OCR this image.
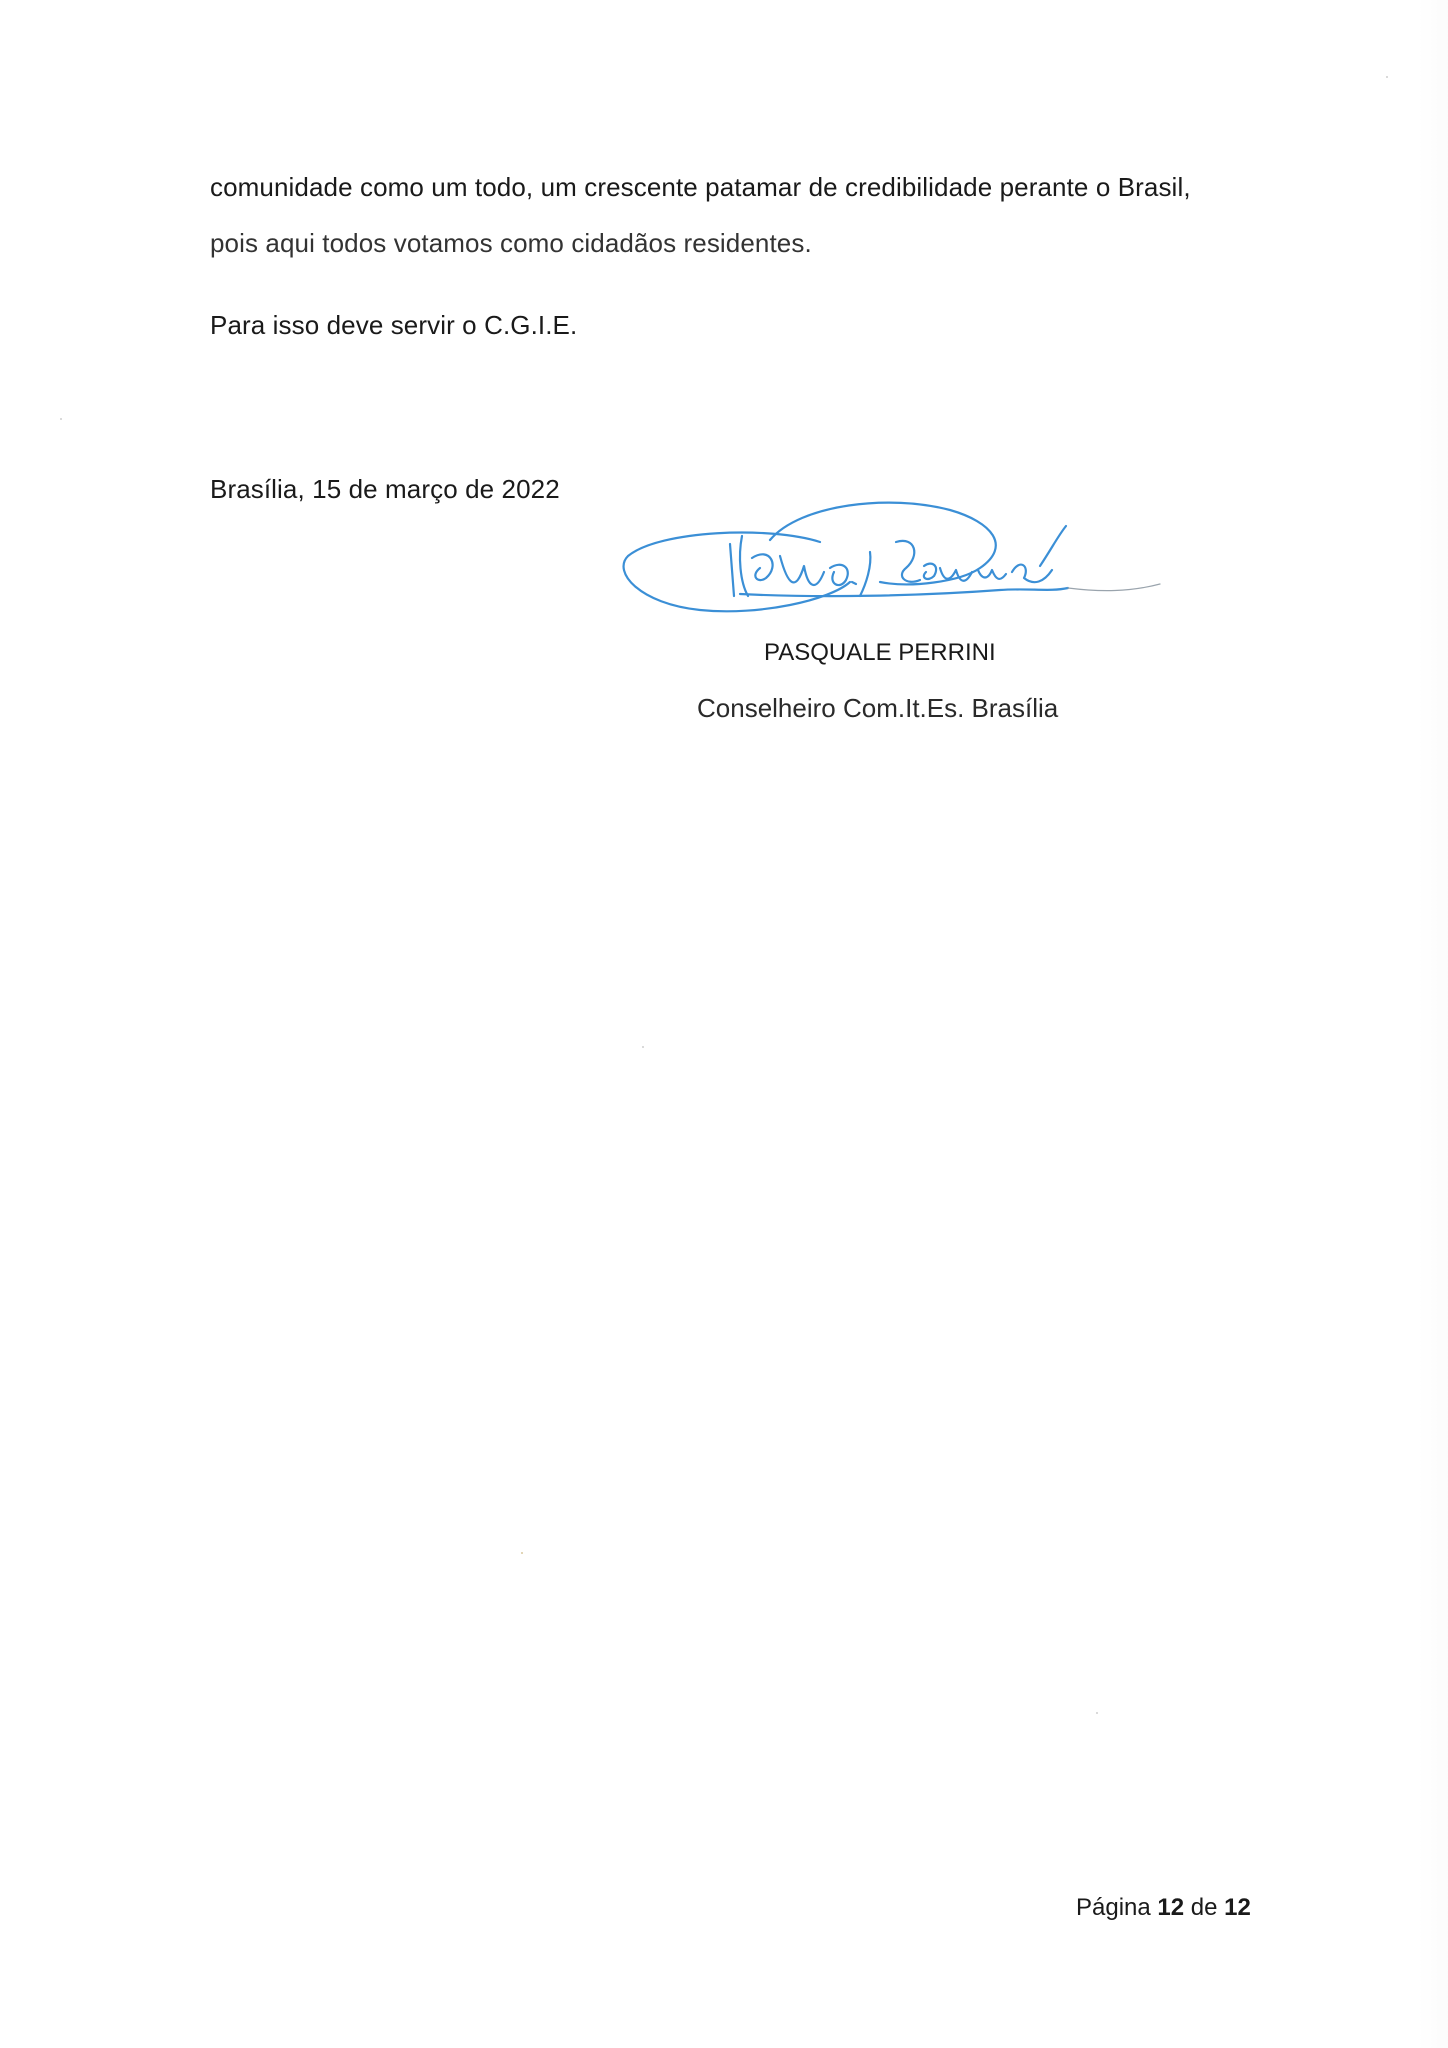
comunidade como um todo, um crescente patamar de credibilidade perante o Brasil,
pois aqui todos votamos como cidadãos residentes.
Para isso deve servir o C.G.I.E.
Brasília, 15 de março de 2022
PASQUALE PERRINI
Conselheiro Com.It.Es. Brasília
Página 12 de 12
